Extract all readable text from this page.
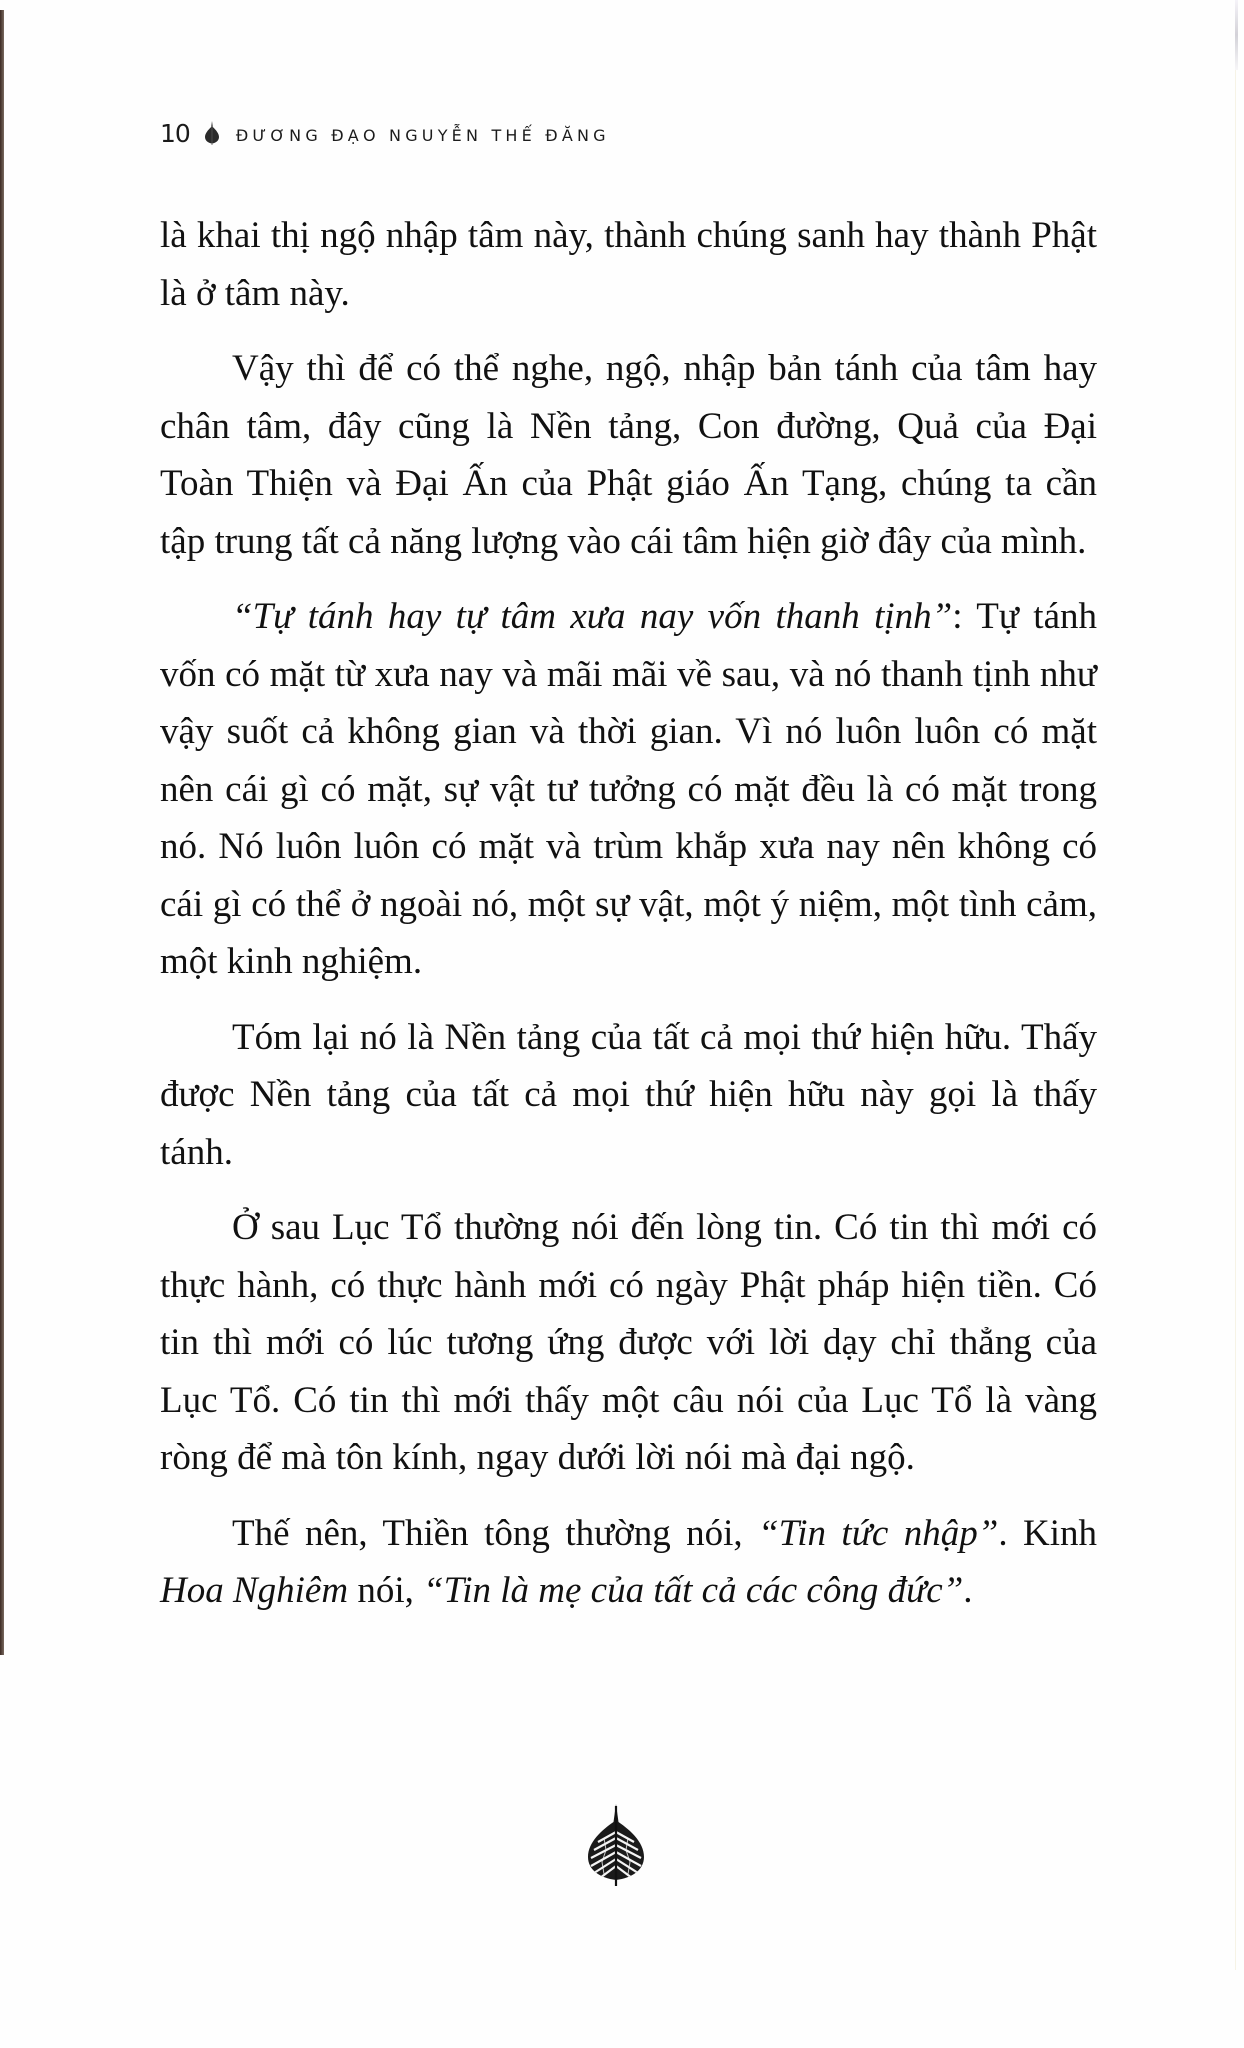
10	ĐƯƠNG ĐẠO NGUYỄN THẾ ĐĂNG

là khai thị ngộ nhập tâm này, thành chúng sanh hay thành Phật là ở tâm này.

Vậy thì để có thể nghe, ngộ, nhập bản tánh của tâm hay chân tâm, đây cũng là Nền tảng, Con đường, Quả của Đại Toàn Thiện và Đại Ấn của Phật giáo Ấn Tạng, chúng ta cần tập trung tất cả năng lượng vào cái tâm hiện giờ đây của mình.

“Tự tánh hay tự tâm xưa nay vốn thanh tịnh”: Tự tánh vốn có mặt từ xưa nay và mãi mãi về sau, và nó thanh tịnh như vậy suốt cả không gian và thời gian. Vì nó luôn luôn có mặt nên cái gì có mặt, sự vật tư tưởng có mặt đều là có mặt trong nó. Nó luôn luôn có mặt và trùm khắp xưa nay nên không có cái gì có thể ở ngoài nó, một sự vật, một ý niệm, một tình cảm, một kinh nghiệm.

Tóm lại nó là Nền tảng của tất cả mọi thứ hiện hữu. Thấy được Nền tảng của tất cả mọi thứ hiện hữu này gọi là thấy tánh.

Ở sau Lục Tổ thường nói đến lòng tin. Có tin thì mới có thực hành, có thực hành mới có ngày Phật pháp hiện tiền. Có tin thì mới có lúc tương ứng được với lời dạy chỉ thẳng của Lục Tổ. Có tin thì mới thấy một câu nói của Lục Tổ là vàng ròng để mà tôn kính, ngay dưới lời nói mà đại ngộ.

Thế nên, Thiền tông thường nói, “Tin tức nhập”. Kinh Hoa Nghiêm nói, “Tin là mẹ của tất cả các công đức”.
